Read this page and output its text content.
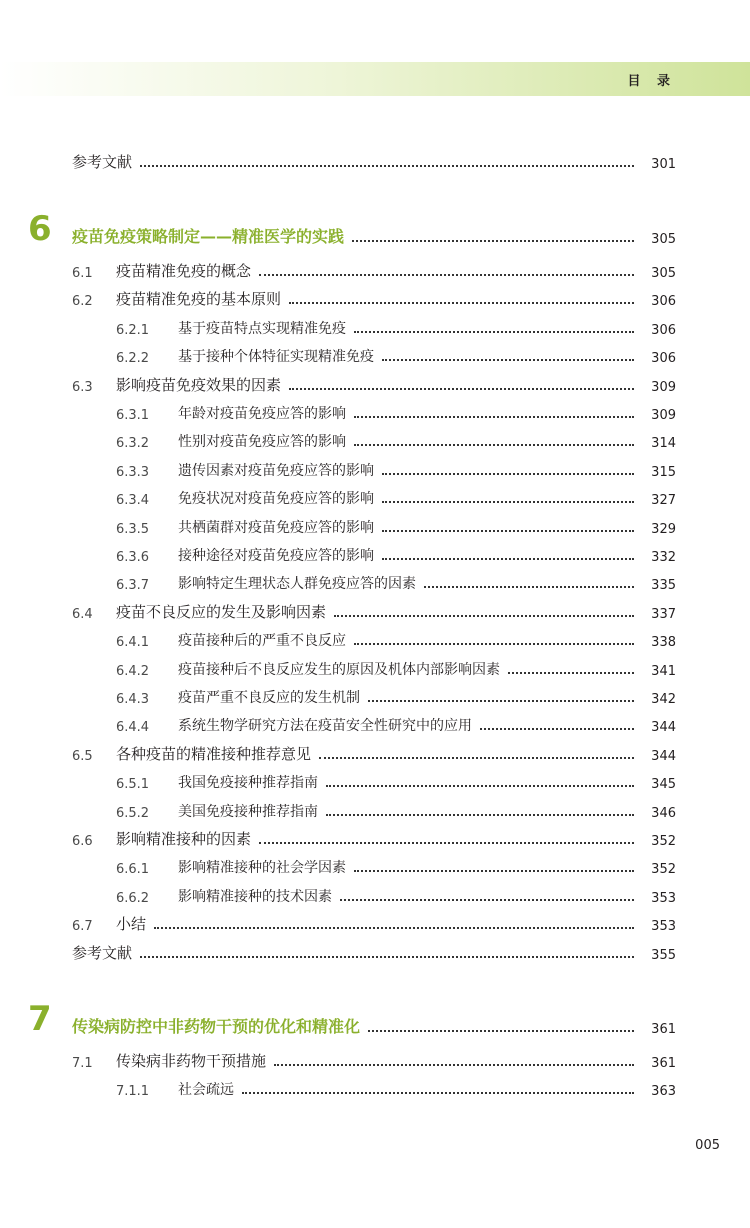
目 录
参考文献	301
6 疫苗免疫策略制定——精准医学的实践	305
6.1	疫苗精准免疫的概念	305
6.2	疫苗精准免疫的基本原则	306
6.2.1	基于疫苗特点实现精准免疫	306
6.2.2	基于接种个体特征实现精准免疫	306
6.3	影响疫苗免疫效果的因素	309
6.3.1	年龄对疫苗免疫应答的影响	309
6.3.2	性别对疫苗免疫应答的影响	314
6.3.3	遗传因素对疫苗免疫应答的影响	315
6.3.4	免疫状况对疫苗免疫应答的影响	327
6.3.5	共栖菌群对疫苗免疫应答的影响	329
6.3.6	接种途径对疫苗免疫应答的影响	332
6.3.7	影响特定生理状态人群免疫应答的因素	335
6.4	疫苗不良反应的发生及影响因素	337
6.4.1	疫苗接种后的严重不良反应	338
6.4.2	疫苗接种后不良反应发生的原因及机体内部影响因素	341
6.4.3	疫苗严重不良反应的发生机制	342
6.4.4	系统生物学研究方法在疫苗安全性研究中的应用	344
6.5	各种疫苗的精准接种推荐意见	344
6.5.1	我国免疫接种推荐指南	345
6.5.2	美国免疫接种推荐指南	346
6.6	影响精准接种的因素	352
6.6.1	影响精准接种的社会学因素	352
6.6.2	影响精准接种的技术因素	353
6.7	小结	353
参考文献	355
7 传染病防控中非药物干预的优化和精准化	361
7.1	传染病非药物干预措施	361
7.1.1	社会疏远	363
005
